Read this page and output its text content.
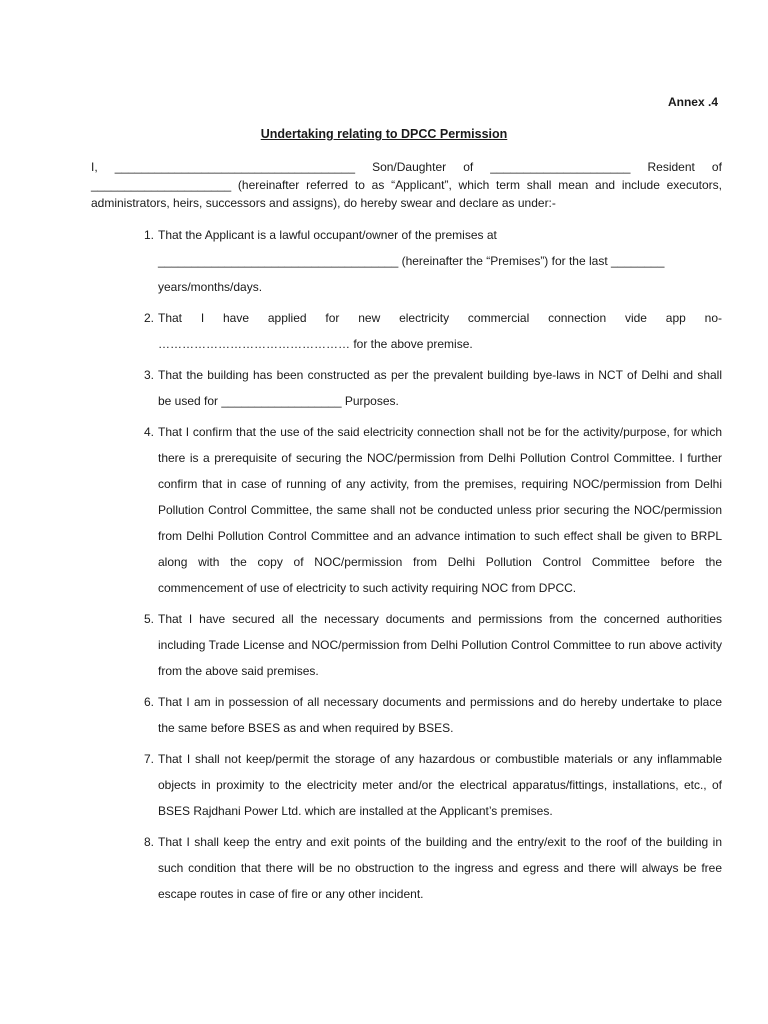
Annex .4
Undertaking relating to DPCC Permission
I, ____________________________________ Son/Daughter of _____________________ Resident of
_____________________ (hereinafter referred to as “Applicant”, which term shall mean and include executors,
administrators, heirs, successors and assigns), do hereby swear and declare as under:-
1. That the Applicant is a lawful occupant/owner of the premises at
____________________________________ (hereinafter the “Premises”) for the last ________
years/months/days.
2. That I have applied for new electricity commercial connection vide app no-
………………………………………… for the above premise.
3. That the building has been constructed as per the prevalent building bye-laws in NCT of Delhi and shall be used for __________________ Purposes.
4. That I confirm that the use of the said electricity connection shall not be for the activity/purpose, for which there is a prerequisite of securing the NOC/permission from Delhi Pollution Control Committee. I further confirm that in case of running of any activity, from the premises, requiring NOC/permission from Delhi Pollution Control Committee, the same shall not be conducted unless prior securing the NOC/permission from Delhi Pollution Control Committee and an advance intimation to such effect shall be given to BRPL along with the copy of NOC/permission from Delhi Pollution Control Committee before the commencement of use of electricity to such activity requiring NOC from DPCC.
5. That I have secured all the necessary documents and permissions from the concerned authorities including Trade License and NOC/permission from Delhi Pollution Control Committee to run above activity from the above said premises.
6. That I am in possession of all necessary documents and permissions and do hereby undertake to place the same before BSES as and when required by BSES.
7. That I shall not keep/permit the storage of any hazardous or combustible materials or any inflammable objects in proximity to the electricity meter and/or the electrical apparatus/fittings, installations, etc., of BSES Rajdhani Power Ltd. which are installed at the Applicant’s premises.
8. That I shall keep the entry and exit points of the building and the entry/exit to the roof of the building in such condition that there will be no obstruction to the ingress and egress and there will always be free escape routes in case of fire or any other incident.
